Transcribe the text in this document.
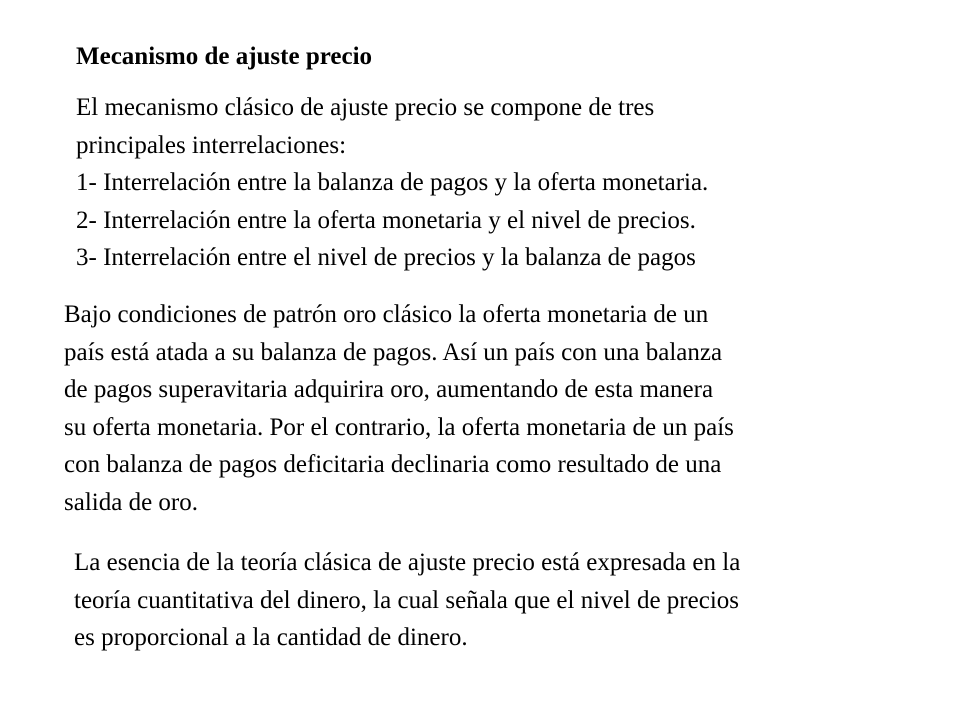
Mecanismo de ajuste precio
El mecanismo clásico de ajuste precio se compone de tres
principales interrelaciones:
1- Interrelación entre la balanza de pagos y la oferta monetaria.
2- Interrelación entre la oferta monetaria y el nivel de precios.
3- Interrelación entre el nivel de precios y la balanza de pagos
Bajo condiciones de patrón oro clásico la oferta monetaria de un
país está atada a su balanza de pagos. Así un país con una balanza
de pagos superavitaria adquirira oro, aumentando de esta manera
su oferta monetaria. Por el contrario, la oferta monetaria de un país
con balanza de pagos deficitaria declinaria como resultado de una
salida de oro.
La esencia de la teoría clásica de ajuste precio está expresada en la
teoría cuantitativa del dinero, la cual señala que el nivel de precios
es proporcional a la cantidad de dinero.
